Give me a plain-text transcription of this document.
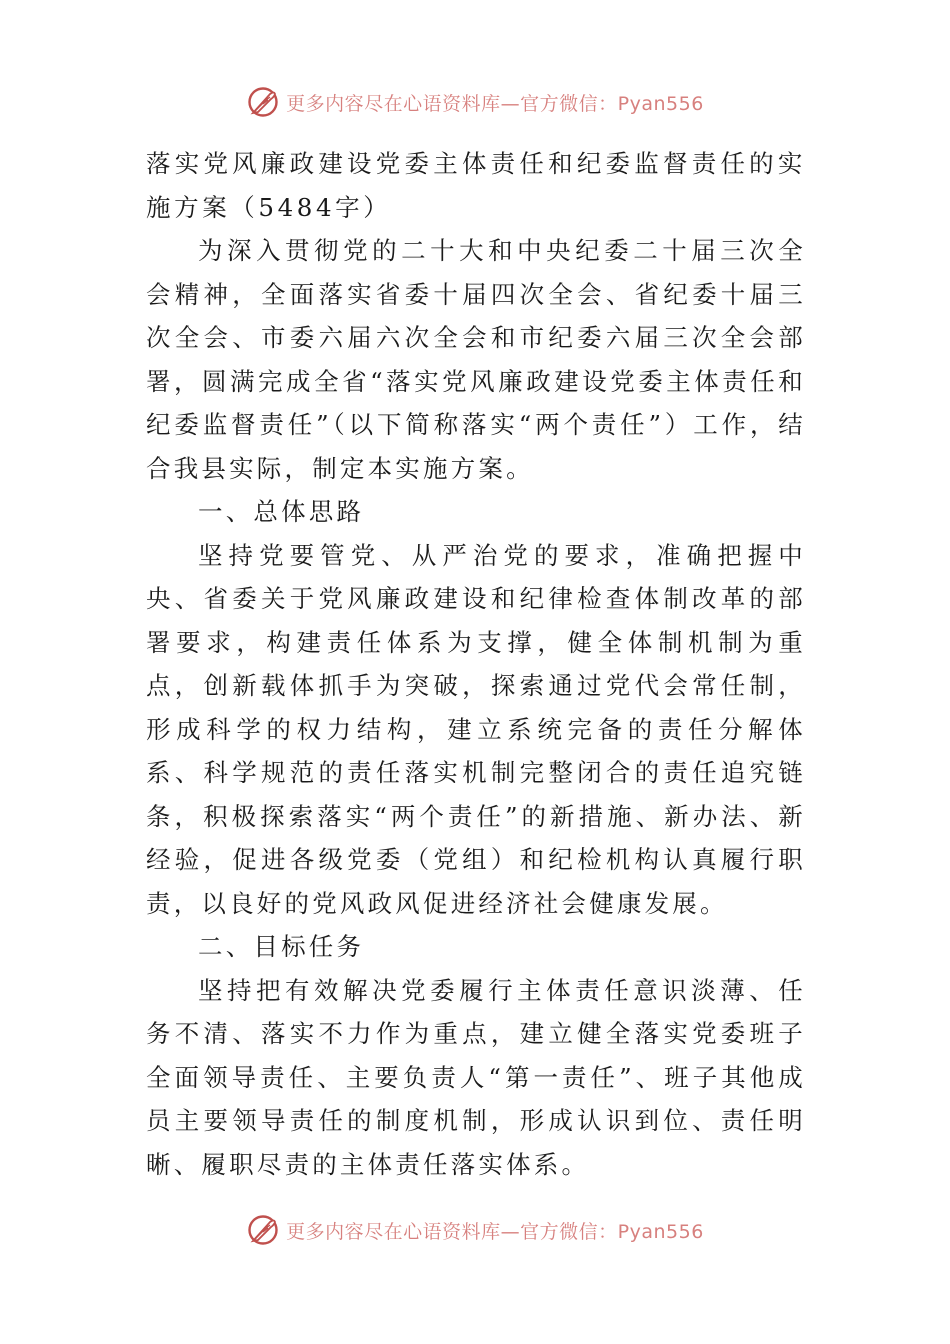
更多内容尽在心语资料库—官方微信：Pyan556

落实党风廉政建设党委主体责任和纪委监督责任的实施方案（5484字）

为深入贯彻党的二十大和中央纪委二十届三次全会精神，全面落实省委十届四次全会、省纪委十届三次全会、市委六届六次全会和市纪委六届三次全会部署，圆满完成全省“落实党风廉政建设党委主体责任和纪委监督责任”（以下简称落实“两个责任”）工作，结合我县实际，制定本实施方案。

一、总体思路

坚持党要管党、从严治党的要求，准确把握中央、省委关于党风廉政建设和纪律检查体制改革的部署要求，构建责任体系为支撑，健全体制机制为重点，创新载体抓手为突破，探索通过党代会常任制，形成科学的权力结构，建立系统完备的责任分解体系、科学规范的责任落实机制完整闭合的责任追究链条，积极探索落实“两个责任”的新措施、新办法、新经验，促进各级党委（党组）和纪检机构认真履行职责，以良好的党风政风促进经济社会健康发展。

二、目标任务

坚持把有效解决党委履行主体责任意识淡薄、任务不清、落实不力作为重点，建立健全落实党委班子全面领导责任、主要负责人“第一责任”、班子其他成员主要领导责任的制度机制，形成认识到位、责任明晰、履职尽责的主体责任落实体系。

更多内容尽在心语资料库—官方微信：Pyan556
